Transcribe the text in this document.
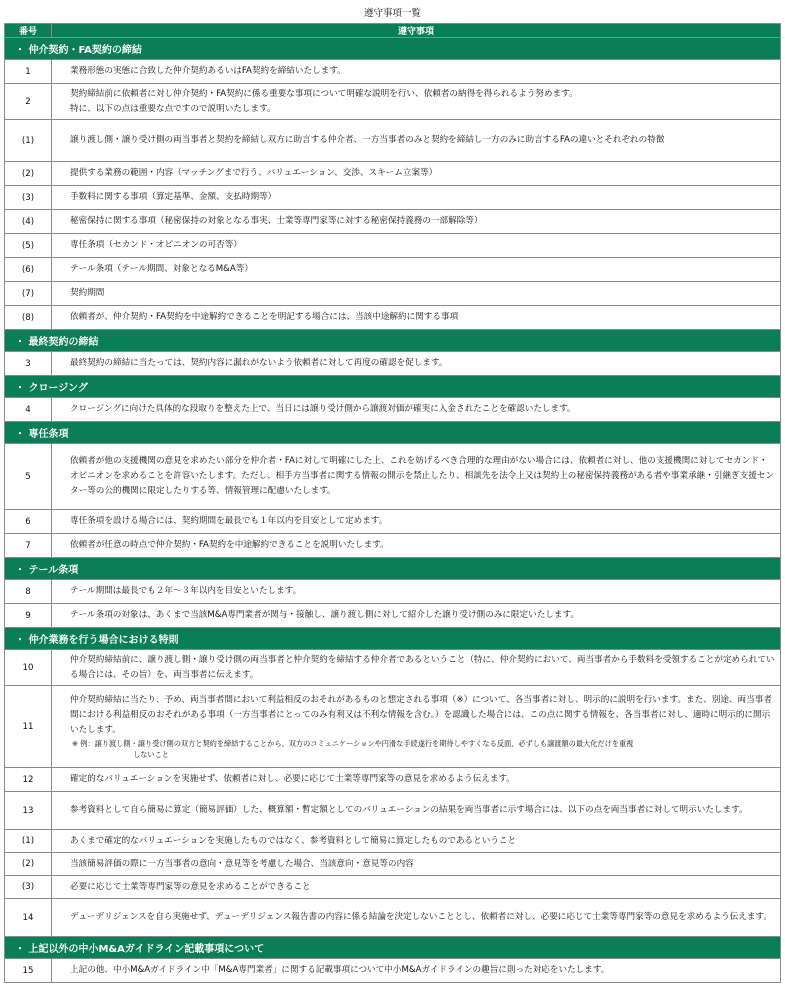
遵守事項一覧
番号	遵守事項
・ 仲介契約・FA契約の締結	
1	業務形態の実態に合致した仲介契約あるいはFA契約を締結いたします。
2	契約締結前に依頼者に対し仲介契約・FA契約に係る重要な事項について明確な説明を行い、依頼者の納得を得られるよう努めます。
特に、以下の点は重要な点ですので説明いたします。

(1)	譲り渡し側・譲り受け側の両当事者と契約を締結し双方に助言する仲介者、一方当事者のみと契約を締結し一方のみに助言するFAの違いとそれぞれの特徴
(2)	提供する業務の範囲・内容（マッチングまで行う、バリュエーション、交渉、スキーム立案等）
(3)	手数料に関する事項（算定基準、金額、支払時期等）
(4)	秘密保持に関する事項（秘密保持の対象となる事実、士業等専門家等に対する秘密保持義務の一部解除等）
(5)	専任条項（セカンド・オピニオンの可否等）
(6)	テール条項（テール期間、対象となるM&A等）
(7)	契約期間
(8)	依頼者が、仲介契約・FA契約を中途解約できることを明記する場合には、当該中途解約に関する事項
・ 最終契約の締結	
3	最終契約の締結に当たっては、契約内容に漏れがないよう依頼者に対して再度の確認を促します。
・ クロージング	
4	クロージングに向けた具体的な段取りを整えた上で、当日には譲り受け側から譲渡対価が確実に入金されたことを確認いたします。
・ 専任条項	
5	依頼者が他の支援機関の意見を求めたい部分を仲介者・FAに対して明確にした上、これを妨げるべき合理的な理由がない場合には、依頼者に対し、他の支援機関に対してセカンド・オピニオンを求めることを許容いたします。ただし、相手方当事者に関する情報の開示を禁止したり、相談先を法令上又は契約上の秘密保持義務がある者や事業承継・引継ぎ支援センター等の公的機関に限定したりする等、情報管理に配慮いたします。
6	専任条項を設ける場合には、契約期間を最長でも１年以内を目安として定めます。
7	依頼者が任意の時点で仲介契約・FA契約を中途解約できることを説明いたします。
・ テール条項	
8	テール期間は最長でも２年～３年以内を目安といたします。
9	テール条項の対象は、あくまで当該M&A専門業者が関与・接触し、譲り渡し側に対して紹介した譲り受け側のみに限定いたします。
・ 仲介業務を行う場合における特則	
10	仲介契約締結前に、譲り渡し側・譲り受け側の両当事者と仲介契約を締結する仲介者であるということ（特に、仲介契約において、両当事者から手数料を受領することが定められている場合には、その旨）を、両当事者に伝えます。
11	仲介契約締結に当たり、予め、両当事者間において利益相反のおそれがあるものと想定される事項（※）について、各当事者に対し、明示的に説明を行います。また、別途、両当事者間における利益相反のおそれがある事項（一方当事者にとってのみ有利又は不利な情報を含む。）を認識した場合には、この点に関する情報を、各当事者に対し、適時に明示的に開示いたします。
※ 例：譲り渡し側・譲り受け側の双方と契約を締結することから、双方のコミュニケーションや円滑な手続遂行を期待しやすくなる反面、必ずしも譲渡額の最大化だけを重視
しないこと

12	確定的なバリュエーションを実施せず、依頼者に対し、必要に応じて士業等専門家等の意見を求めるよう伝えます。
13	参考資料として自ら簡易に算定（簡易評価）した、概算額・暫定額としてのバリュエーションの結果を両当事者に示す場合には、以下の点を両当事者に対して明示いたします。
(1)	あくまで確定的なバリュエーションを実施したものではなく、参考資料として簡易に算定したものであるということ
(2)	当該簡易評価の際に一方当事者の意向・意見等を考慮した場合、当該意向・意見等の内容
(3)	必要に応じて士業等専門家等の意見を求めることができること
14	デューデリジェンスを自ら実施せず、デューデリジェンス報告書の内容に係る結論を決定しないこととし、依頼者に対し、必要に応じて士業等専門家等の意見を求めるよう伝えます。
・ 上記以外の中小M&Aガイドライン記載事項について	
15	上記の他、中小M&Aガイドライン中「M&A専門業者」に関する記載事項について中小M&Aガイドラインの趣旨に則った対応をいたします。
